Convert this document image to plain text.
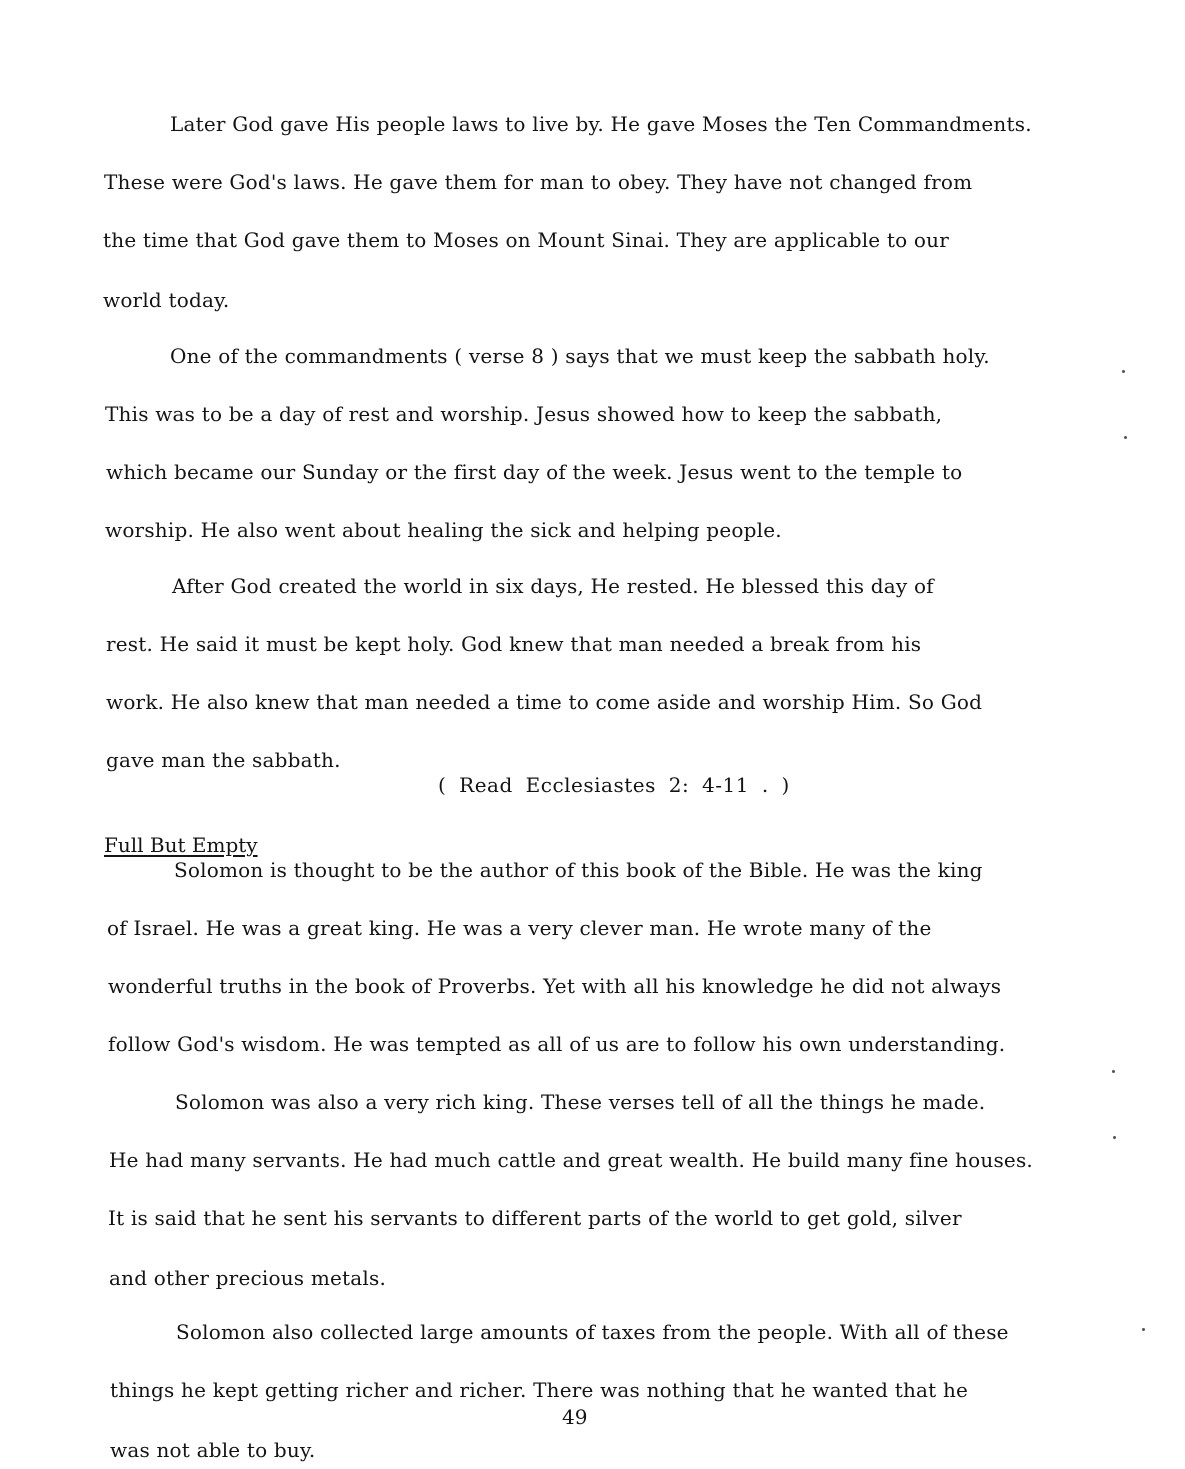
Later God gave His people laws to live by. He gave Moses the Ten Commandments.
These were God's laws. He gave them for man to obey. They have not changed from
the time that God gave them to Moses on Mount Sinai. They are applicable to our
world today.
One of the commandments ( verse 8 ) says that we must keep the sabbath holy.
This was to be a day of rest and worship. Jesus showed how to keep the sabbath,
which became our Sunday or the first day of the week. Jesus went to the temple to
worship. He also went about healing the sick and helping people.
After God created the world in six days, He rested. He blessed this day of
rest. He said it must be kept holy. God knew that man needed a break from his
work. He also knew that man needed a time to come aside and worship Him. So God
gave man the sabbath.
( Read Ecclesiastes 2: 4-11 . )
Full But Empty
Solomon is thought to be the author of this book of the Bible. He was the king
of Israel. He was a great king. He was a very clever man. He wrote many of the
wonderful truths in the book of Proverbs. Yet with all his knowledge he did not always
follow God's wisdom. He was tempted as all of us are to follow his own understanding.
Solomon was also a very rich king. These verses tell of all the things he made.
He had many servants. He had much cattle and great wealth. He build many fine houses.
It is said that he sent his servants to different parts of the world to get gold, silver
and other precious metals.
Solomon also collected large amounts of taxes from the people. With all of these
things he kept getting richer and richer. There was nothing that he wanted that he
49
was not able to buy.
